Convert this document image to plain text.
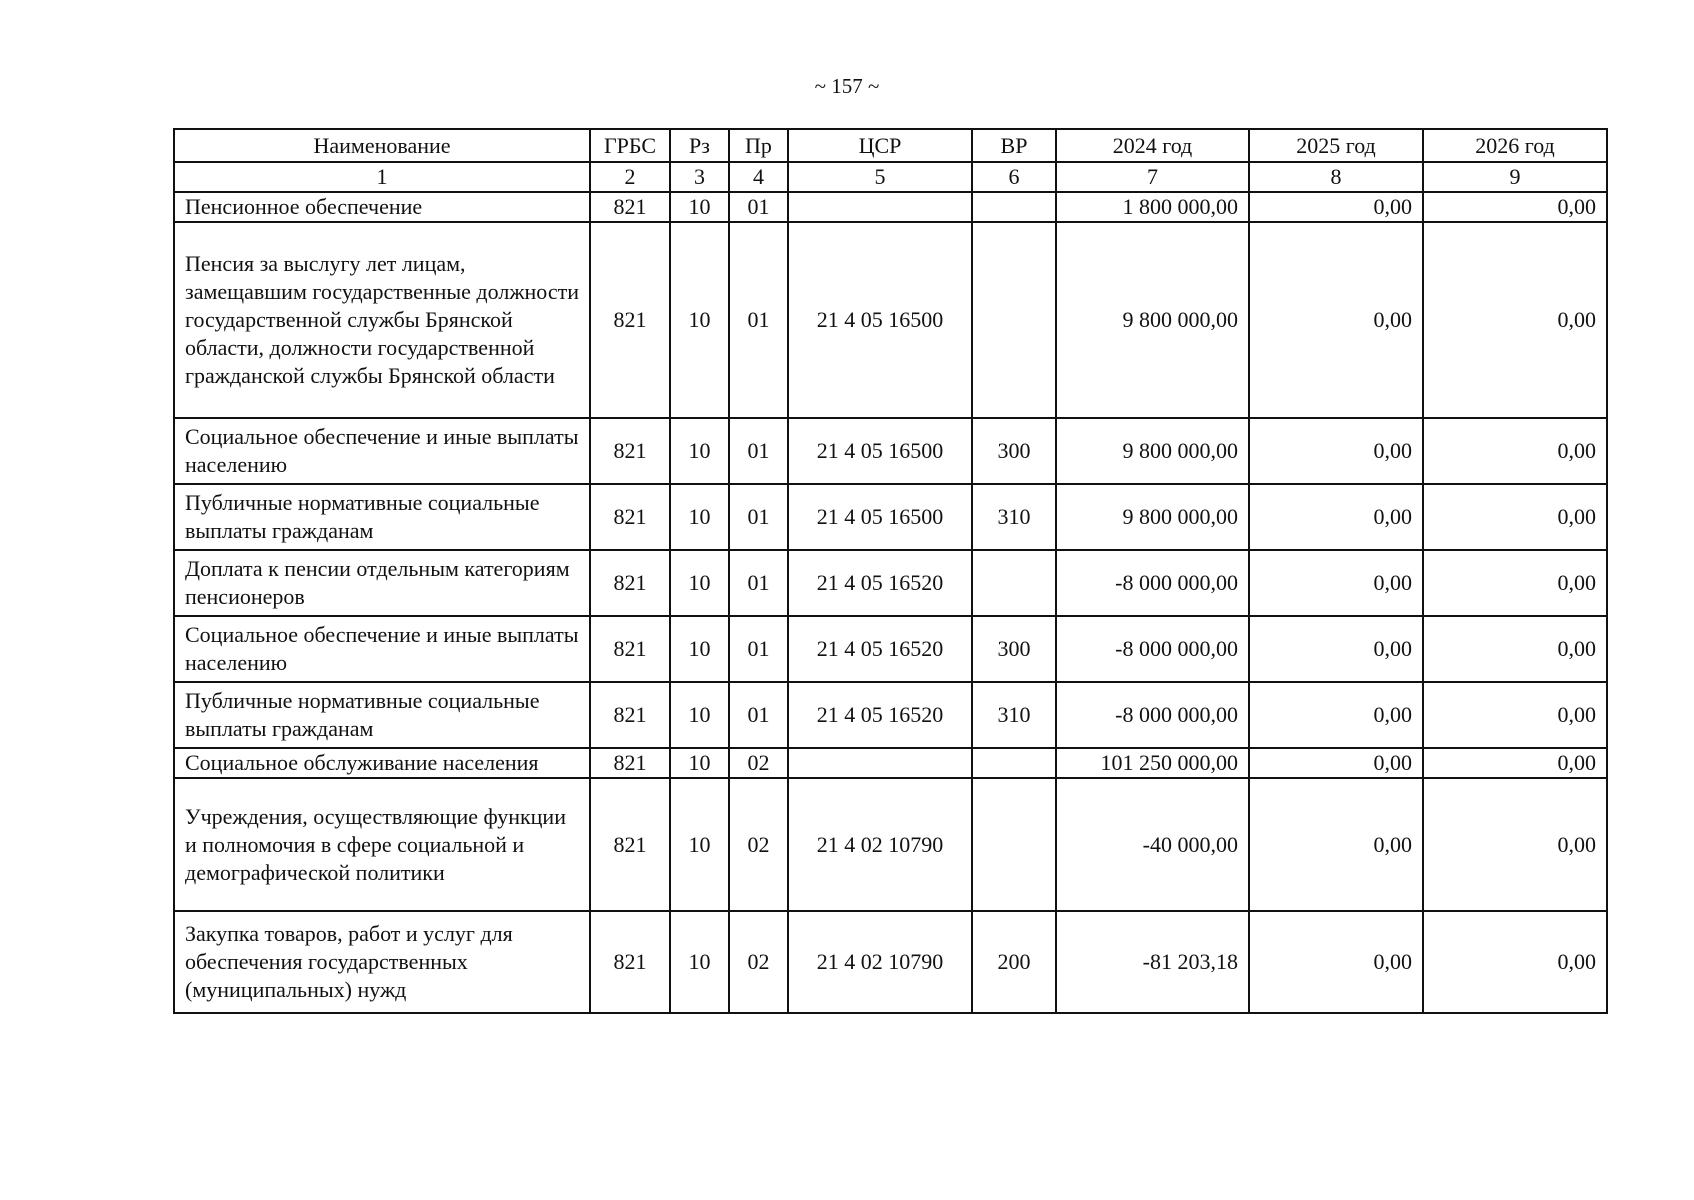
~ 157 ~
Наименование	ГРБС	Рз	Пр	ЦСР	ВР	2024 год	2025 год	2026 год
1	2	3	4	5	6	7	8	9
Пенсионное обеспечение	821	10	01			1 800 000,00	0,00	0,00
Пенсия за выслугу лет лицам, замещавшим государственные должности государственной службы Брянской области, должности государственной гражданской службы Брянской области	821	10	01	21 4 05 16500		9 800 000,00	0,00	0,00
Социальное обеспечение и иные выплаты населению	821	10	01	21 4 05 16500	300	9 800 000,00	0,00	0,00
Публичные нормативные социальные выплаты гражданам	821	10	01	21 4 05 16500	310	9 800 000,00	0,00	0,00
Доплата к пенсии отдельным категориям пенсионеров	821	10	01	21 4 05 16520		-8 000 000,00	0,00	0,00
Социальное обеспечение и иные выплаты населению	821	10	01	21 4 05 16520	300	-8 000 000,00	0,00	0,00
Публичные нормативные социальные выплаты гражданам	821	10	01	21 4 05 16520	310	-8 000 000,00	0,00	0,00
Социальное обслуживание населения	821	10	02			101 250 000,00	0,00	0,00
Учреждения, осуществляющие функции и полномочия в сфере социальной и демографической политики	821	10	02	21 4 02 10790		-40 000,00	0,00	0,00
Закупка товаров, работ и услуг для обеспечения государственных (муниципальных) нужд	821	10	02	21 4 02 10790	200	-81 203,18	0,00	0,00
